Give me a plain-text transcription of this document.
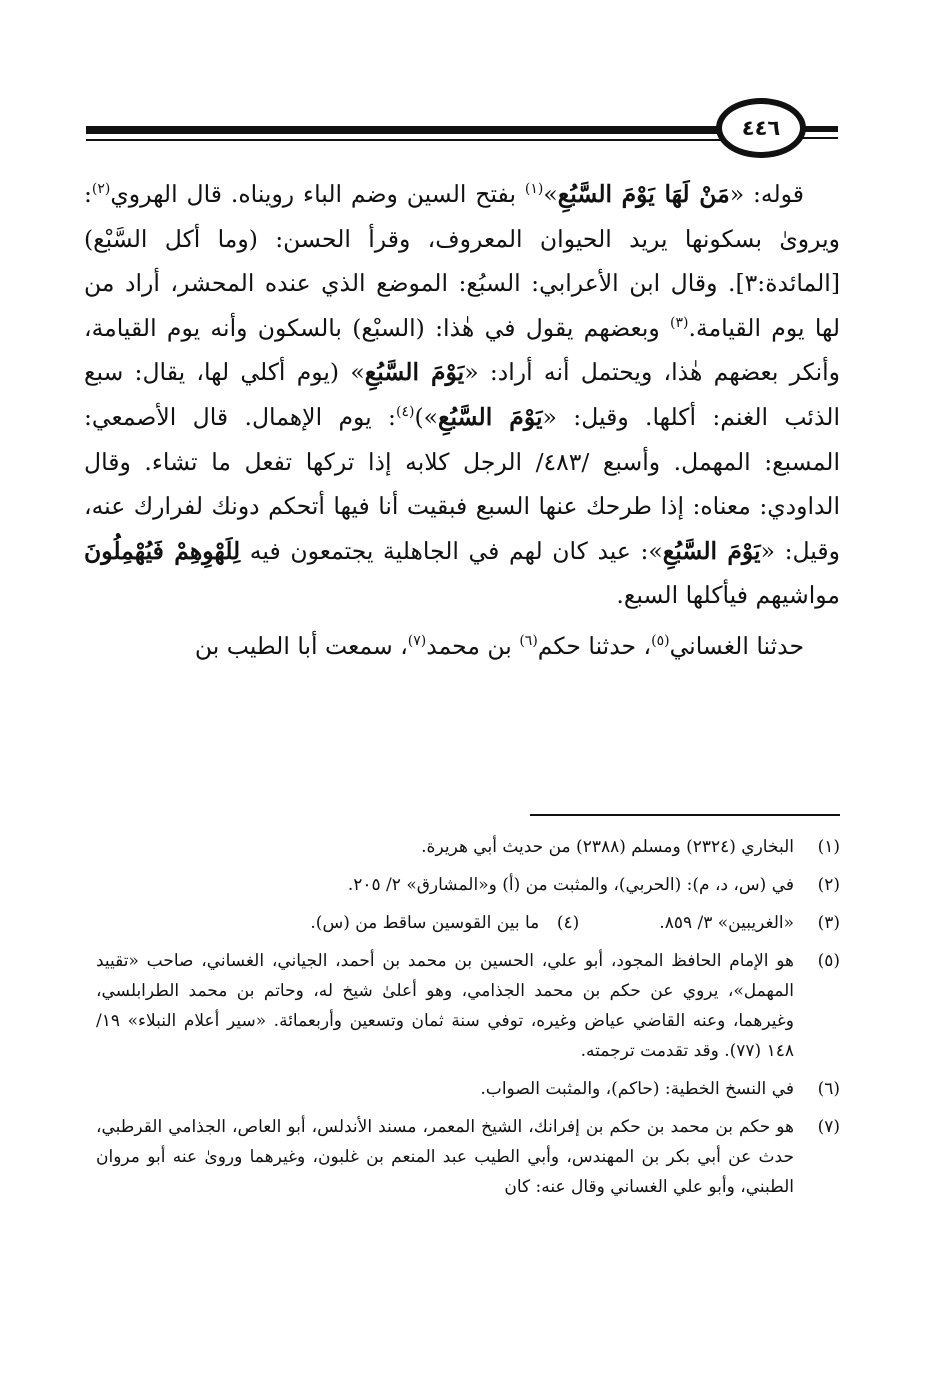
٤٤٦

قوله: «مَنْ لَهَا يَوْمَ السَّبُعِ»$^{(١)}$ بفتح السين وضم الباء رويناه. قال الهروي$^{(٢)}$: ويروىٰ بسكونها يريد الحيوان المعروف، وقرأ الحسن: (وما أكل السَّبْع) [المائدة:٣]. وقال ابن الأعرابي: السبُع: الموضع الذي عنده المحشر، أراد من لها يوم القيامة.$^{(٣)}$ وبعضهم يقول في هٰذا: (السبْع) بالسكون وأنه يوم القيامة، وأنكر بعضهم هٰذا، ويحتمل أنه أراد: «يَوْمَ السَّبُعِ» (يوم أكلي لها، يقال: سبع الذئب الغنم: أكلها. وقيل: «يَوْمَ السَّبُعِ»)$^{(٤)}$: يوم الإهمال. قال الأصمعي: المسبع: المهمل. وأسبع /٤٨٣/ الرجل كلابه إذا تركها تفعل ما تشاء. وقال الداودي: معناه: إذا طرحك عنها السبع فبقيت أنا فيها أتحكم دونك لفرارك عنه، وقيل: «يَوْمَ السَّبُعِ»: عيد كان لهم في الجاهلية يجتمعون فيه لِلَهْوِهِمْ فَيُهْمِلُونَ مواشيهم فيأكلها السبع.

حدثنا الغساني$^{(٥)}$، حدثنا حكم$^{(٦)}$ بن محمد$^{(٧)}$، سمعت أبا الطيب بن

(١)
البخاري (٢٣٢٤) ومسلم (٢٣٨٨) من حديث أبي هريرة.
(٢)
في (س، د، م): (الحربي)، والمثبت من (أ) و«المشارق» ٢/ ٢٠٥.
(٣)
«الغريبين» ٣/ ٨٥٩.
(٤)
ما بين القوسين ساقط من (س).
(٥)
هو الإمام الحافظ المجود، أبو علي، الحسين بن محمد بن أحمد، الجياني، الغساني، صاحب «تقييد المهمل»، يروي عن حكم بن محمد الجذامي، وهو أعلىٰ شيخ له، وحاتم بن محمد الطرابلسي، وغيرهما، وعنه القاضي عياض وغيره، توفي سنة ثمان وتسعين وأربعمائة. «سير أعلام النبلاء» ١٩/ ١٤٨ (٧٧). وقد تقدمت ترجمته.
(٦)
في النسخ الخطية: (حاكم)، والمثبت الصواب.
(٧)
هو حكم بن محمد بن حكم بن إفرانك، الشيخ المعمر، مسند الأندلس، أبو العاص، الجذامي القرطبي، حدث عن أبي بكر بن المهندس، وأبي الطيب عبد المنعم بن غلبون، وغيرهما وروىٰ عنه أبو مروان الطبني، وأبو علي الغساني وقال عنه: كان
